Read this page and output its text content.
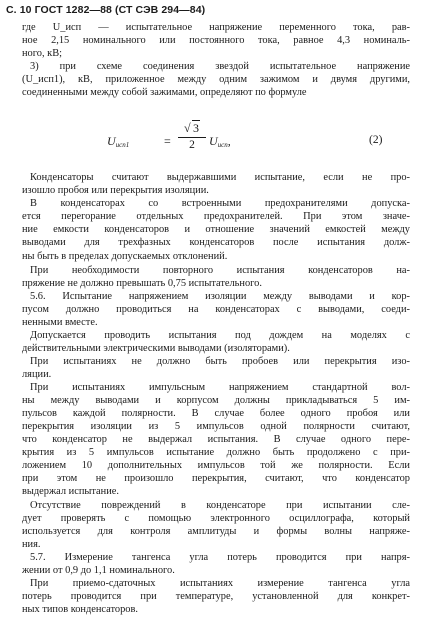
С. 10 ГОСТ 1282—88 (СТ СЭВ 294—84)
где U_исп — испытательное напряжение переменного тока, рав-
ное 2,15 номинального или постоянного тока, равное 4,3 номиналь-
ного, кВ;
3) при схеме соединения звездой испытательное напряжение
(U_исп1), кВ, приложенное между одним зажимом и двумя другими,
соединенными между собой зажимами, определяют по формуле
Конденсаторы считают выдержавшими испытание, если не про-
изошло пробоя или перекрытия изоляции.
В конденсаторах со встроенными предохранителями допуска-
ется перегорание отдельных предохранителей. При этом значе-
ние емкости конденсаторов и отношение значений емкостей между
выводами для трехфазных конденсаторов после испытания долж-
ны быть в пределах допускаемых отклонений.
При необходимости повторного испытания конденсаторов на-
пряжение не должно превышать 0,75 испытательного.
5.6. Испытание напряжением изоляции между выводами и кор-
пусом должно проводиться на конденсаторах с выводами, соеди-
ненными вместе.
Допускается проводить испытания под дождем на моделях с
действительными электрическими выводами (изоляторами).
При испытаниях не должно быть пробоев или перекрытия изо-
ляции.
При испытаниях импульсным напряжением стандартной вол-
ны между выводами и корпусом должны прикладываться 5 им-
пульсов каждой полярности. В случае более одного пробоя или
перекрытия изоляции из 5 импульсов одной полярности считают,
что конденсатор не выдержал испытания. В случае одного пере-
крытия из 5 импульсов испытание должно быть продолжено с при-
ложением 10 дополнительных импульсов той же полярности. Если
при этом не произошло перекрытия, считают, что конденсатор
выдержал испытание.
Отсутствие повреждений в конденсаторе при испытании сле-
дует проверять с помощью электронного осциллографа, который
используется для контроля амплитуды и формы волны напряже-
ния.
5.7. Измерение тангенса угла потерь проводится при напря-
жении от 0,9 до 1,1 номинального.
При приемо-сдаточных испытаниях измерение тангенса угла
потерь проводится при температуре, установленной для конкрет-
ных типов конденсаторов.
$U_{исп1}$	=
√ 3
2	$U_{исп}$,	(2)
